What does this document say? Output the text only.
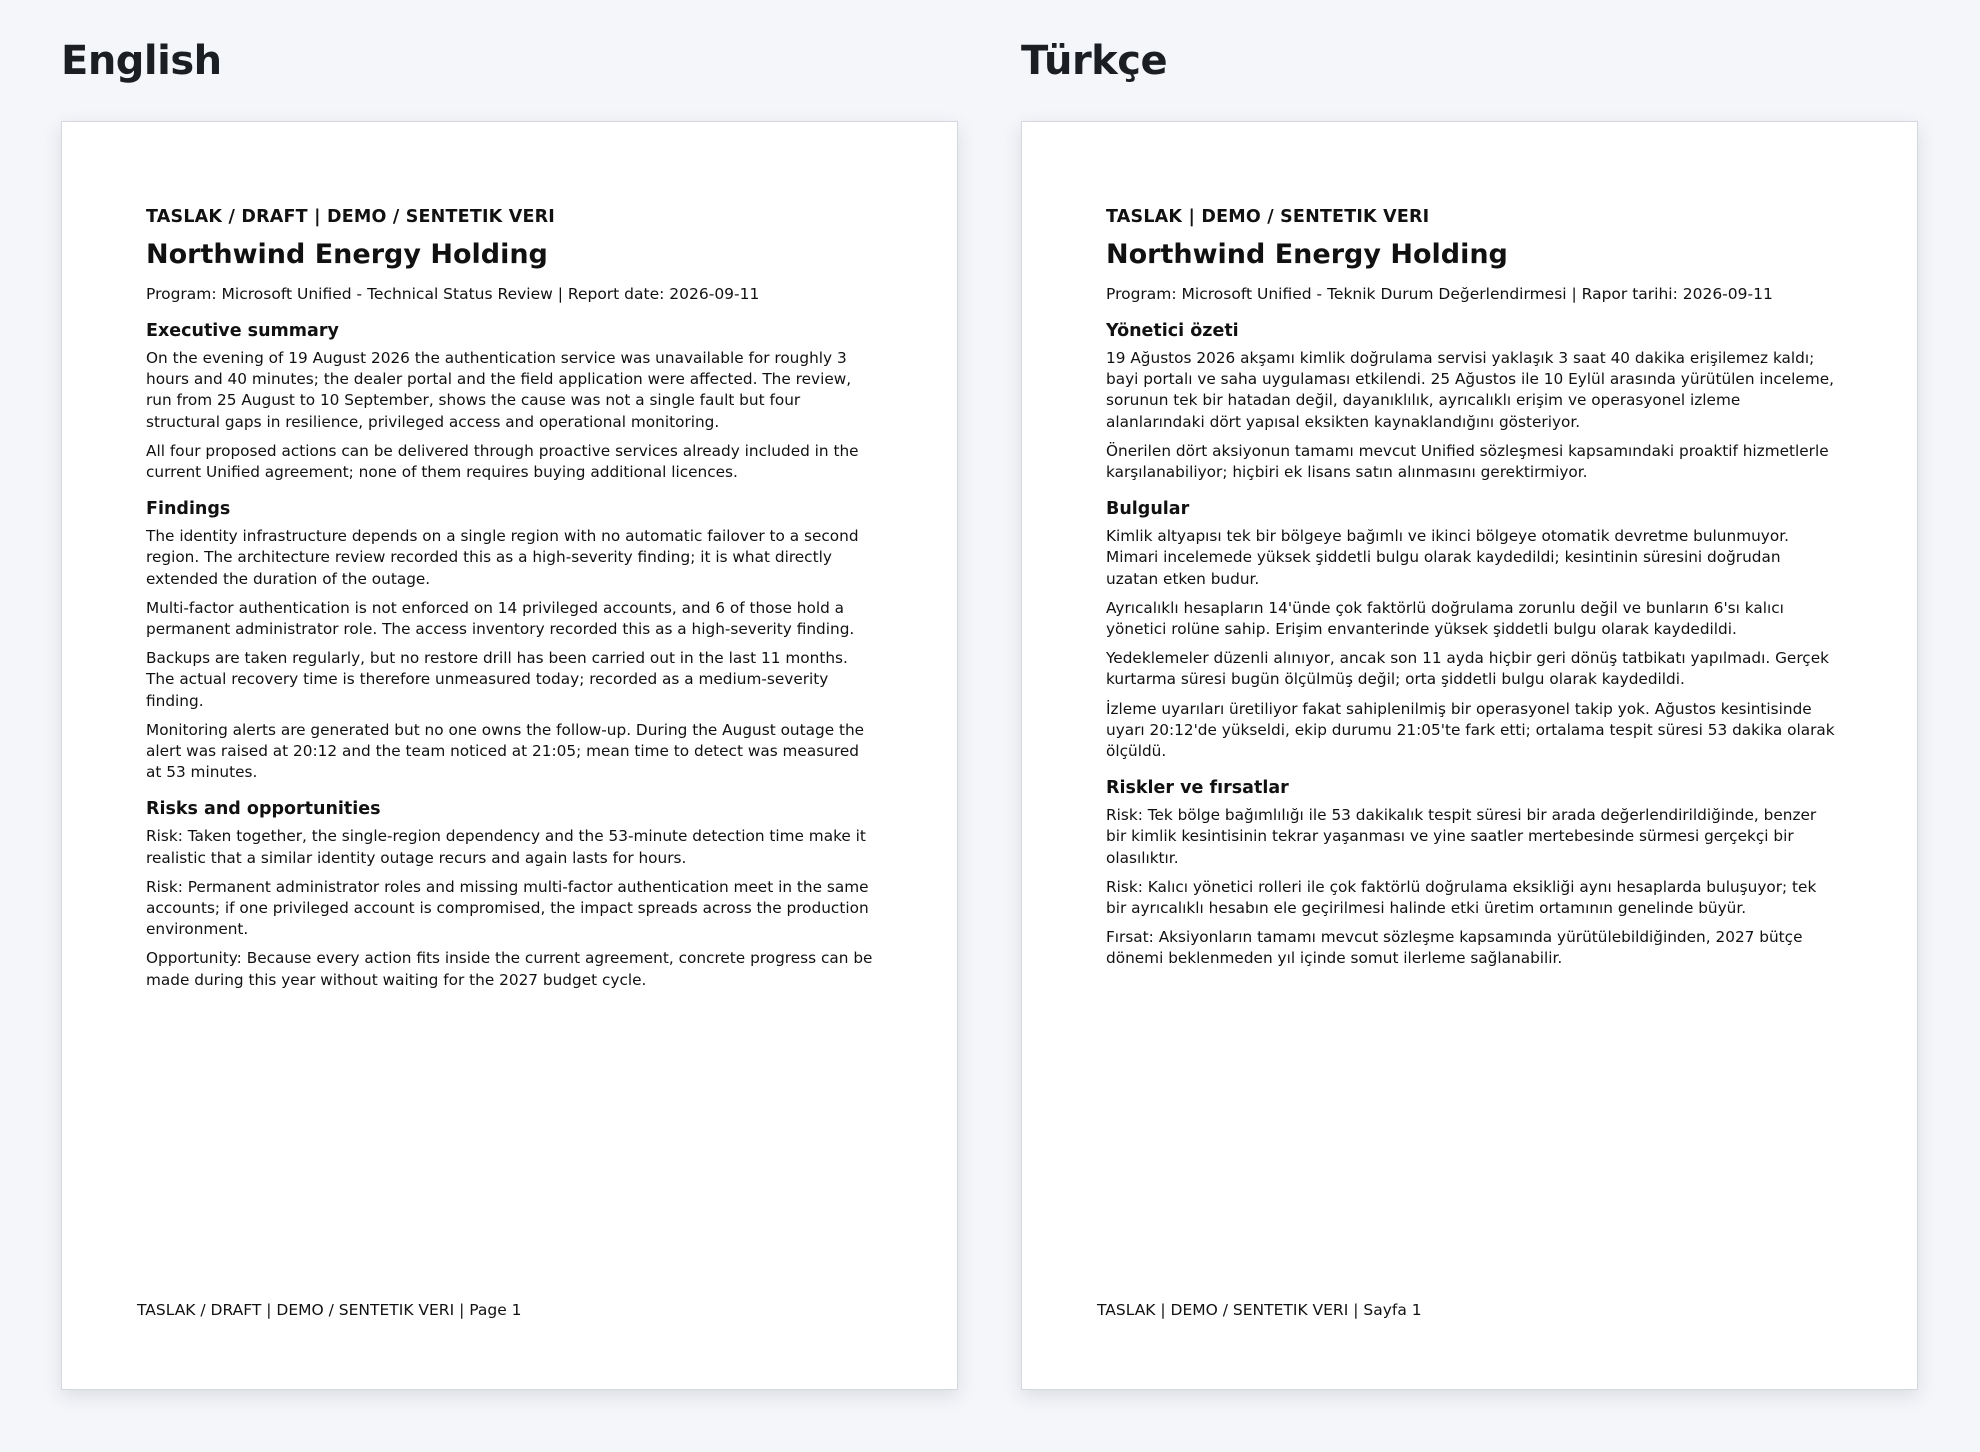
English
TASLAK / DRAFT | DEMO / SENTETIK VERI
Northwind Energy Holding
Program: Microsoft Unified - Technical Status Review | Report date: 2026-09-11
Executive summary

On the evening of 19 August 2026 the authentication service was unavailable for roughly 3 hours and 40 minutes; the dealer portal and the field application were affected. The review, run from 25 August to 10 September, shows the cause was not a single fault but four structural gaps in resilience, privileged access and operational monitoring.

All four proposed actions can be delivered through proactive services already included in the current Unified agreement; none of them requires buying additional licences.

Findings

The identity infrastructure depends on a single region with no automatic failover to a second region. The architecture review recorded this as a high-severity finding; it is what directly extended the duration of the outage.

Multi-factor authentication is not enforced on 14 privileged accounts, and 6 of those hold a permanent administrator role. The access inventory recorded this as a high-severity finding.

Backups are taken regularly, but no restore drill has been carried out in the last 11 months. The actual recovery time is therefore unmeasured today; recorded as a medium-severity finding.

Monitoring alerts are generated but no one owns the follow-up. During the August outage the alert was raised at 20:12 and the team noticed at 21:05; mean time to detect was measured at 53 minutes.

Risks and opportunities

Risk: Taken together, the single-region dependency and the 53-minute detection time make it realistic that a similar identity outage recurs and again lasts for hours.

Risk: Permanent administrator roles and missing multi-factor authentication meet in the same accounts; if one privileged account is compromised, the impact spreads across the production environment.

Opportunity: Because every action fits inside the current agreement, concrete progress can be made during this year without waiting for the 2027 budget cycle.

TASLAK / DRAFT | DEMO / SENTETIK VERI | Page 1
Türkçe
TASLAK | DEMO / SENTETIK VERI
Northwind Energy Holding
Program: Microsoft Unified - Teknik Durum Değerlendirmesi | Rapor tarihi: 2026-09-11
Yönetici özeti

19 Ağustos 2026 akşamı kimlik doğrulama servisi yaklaşık 3 saat 40 dakika erişilemez kaldı; bayi portalı ve saha uygulaması etkilendi. 25 Ağustos ile 10 Eylül arasında yürütülen inceleme, sorunun tek bir hatadan değil, dayanıklılık, ayrıcalıklı erişim ve operasyonel izleme alanlarındaki dört yapısal eksikten kaynaklandığını gösteriyor.

Önerilen dört aksiyonun tamamı mevcut Unified sözleşmesi kapsamındaki proaktif hizmetlerle karşılanabiliyor; hiçbiri ek lisans satın alınmasını gerektirmiyor.

Bulgular

Kimlik altyapısı tek bir bölgeye bağımlı ve ikinci bölgeye otomatik devretme bulunmuyor. Mimari incelemede yüksek şiddetli bulgu olarak kaydedildi; kesintinin süresini doğrudan uzatan etken budur.

Ayrıcalıklı hesapların 14'ünde çok faktörlü doğrulama zorunlu değil ve bunların 6'sı kalıcı yönetici rolüne sahip. Erişim envanterinde yüksek şiddetli bulgu olarak kaydedildi.

Yedeklemeler düzenli alınıyor, ancak son 11 ayda hiçbir geri dönüş tatbikatı yapılmadı. Gerçek kurtarma süresi bugün ölçülmüş değil; orta şiddetli bulgu olarak kaydedildi.

İzleme uyarıları üretiliyor fakat sahiplenilmiş bir operasyonel takip yok. Ağustos kesintisinde uyarı 20:12'de yükseldi, ekip durumu 21:05'te fark etti; ortalama tespit süresi 53 dakika olarak ölçüldü.

Riskler ve fırsatlar

Risk: Tek bölge bağımlılığı ile 53 dakikalık tespit süresi bir arada değerlendirildiğinde, benzer bir kimlik kesintisinin tekrar yaşanması ve yine saatler mertebesinde sürmesi gerçekçi bir olasılıktır.

Risk: Kalıcı yönetici rolleri ile çok faktörlü doğrulama eksikliği aynı hesaplarda buluşuyor; tek bir ayrıcalıklı hesabın ele geçirilmesi halinde etki üretim ortamının genelinde büyür.

Fırsat: Aksiyonların tamamı mevcut sözleşme kapsamında yürütülebildiğinden, 2027 bütçe dönemi beklenmeden yıl içinde somut ilerleme sağlanabilir.

TASLAK | DEMO / SENTETIK VERI | Sayfa 1
